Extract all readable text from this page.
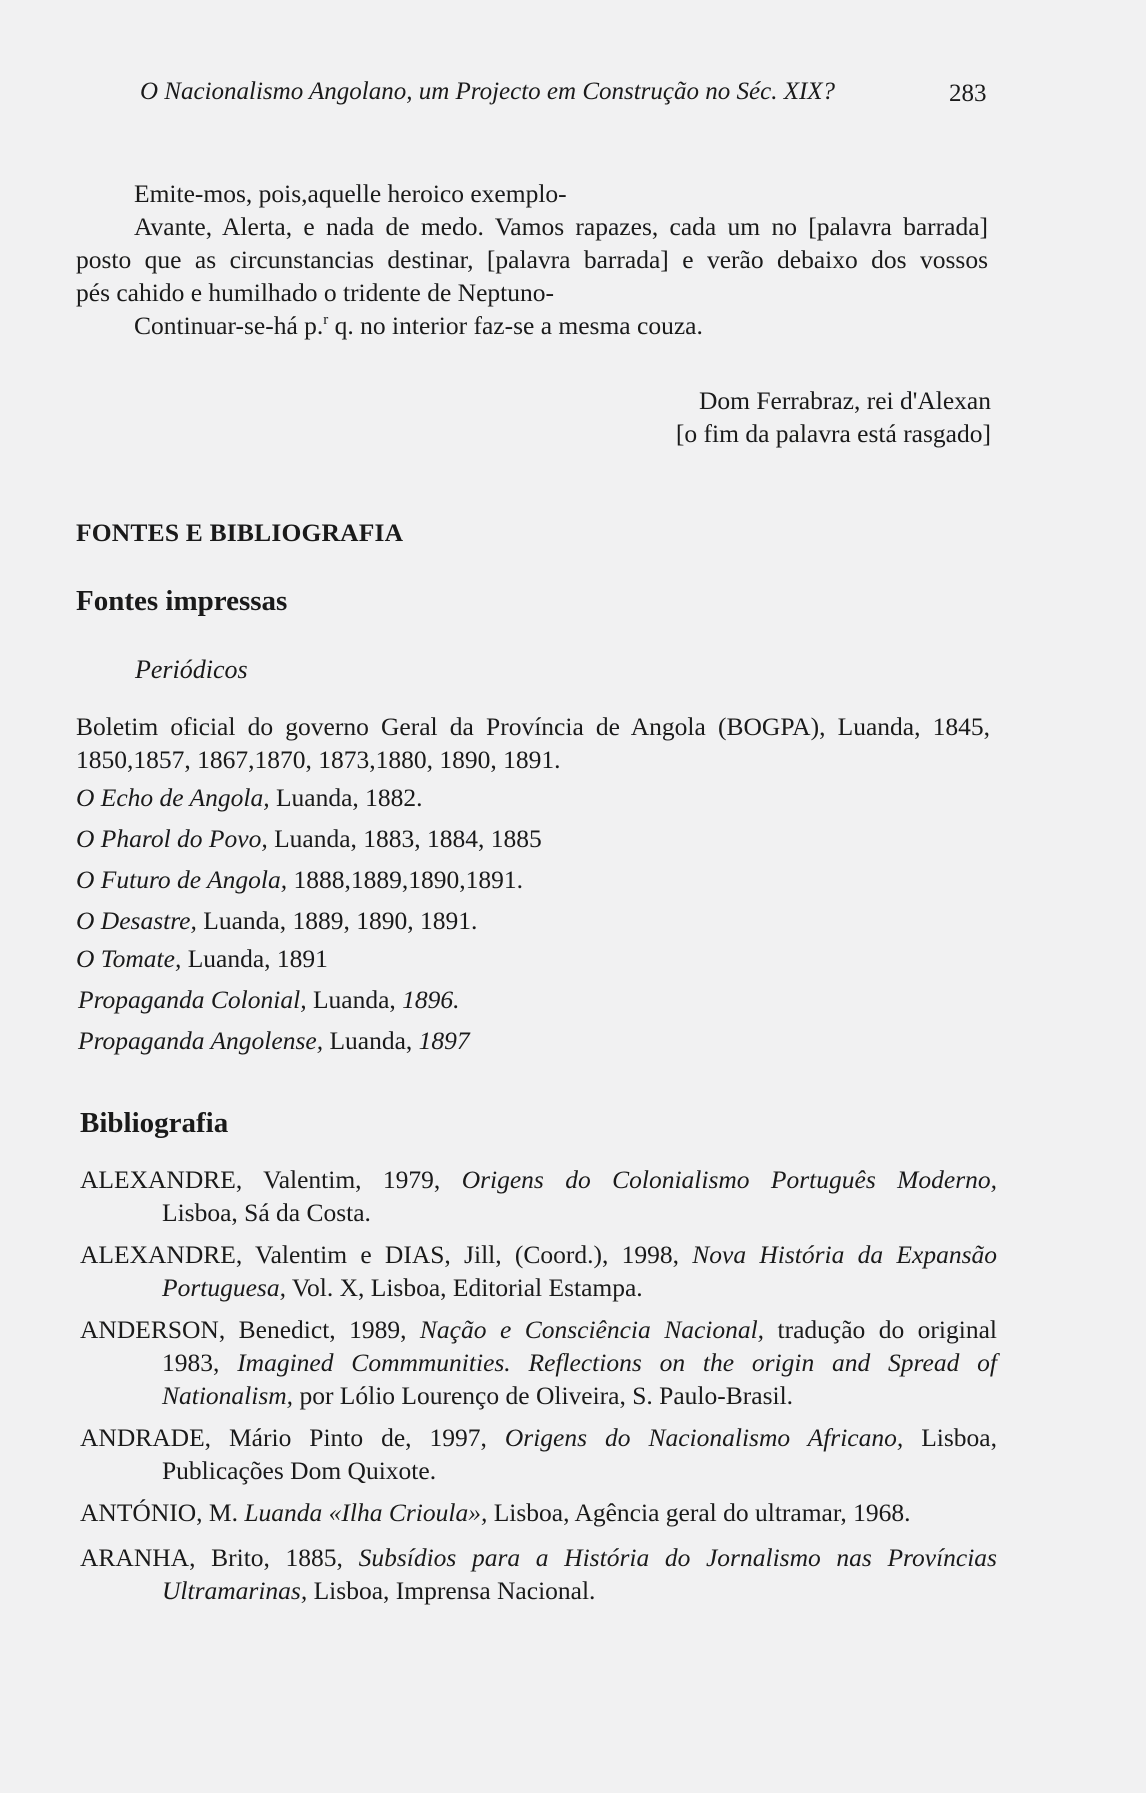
O Nacionalismo Angolano, um Projecto em Construção no Séc. XIX?	283
Emite-mos, pois,aquelle heroico exemplo-
Avante, Alerta, e nada de medo. Vamos rapazes, cada um no [palavra barrada]
posto que as circunstancias destinar, [palavra barrada] e verão debaixo dos vossos
pés cahido e humilhado o tridente de Neptuno-
Continuar-se-há p.$^r$ q. no interior faz-se a mesma couza.
Dom Ferrabraz, rei d'Alexan
[o fim da palavra está rasgado]
FONTES E BIBLIOGRAFIA
Fontes impressas
Periódicos
Boletim oficial do governo Geral da Província de Angola (BOGPA), Luanda, 1845,
1850,1857, 1867,1870, 1873,1880, 1890, 1891.
O Echo de Angola, Luanda, 1882.
O Pharol do Povo, Luanda, 1883, 1884, 1885
O Futuro de Angola, 1888,1889,1890,1891.
O Desastre, Luanda, 1889, 1890, 1891.
O Tomate, Luanda, 1891
Propaganda Colonial, Luanda, 1896.
Propaganda Angolense, Luanda, 1897
Bibliografia
ALEXANDRE, Valentim, 1979, Origens do Colonialismo Português Moderno,
Lisboa, Sá da Costa.
ALEXANDRE, Valentim e DIAS, Jill, (Coord.), 1998, Nova História da Expansão
Portuguesa, Vol. X, Lisboa, Editorial Estampa.
ANDERSON, Benedict, 1989, Nação e Consciência Nacional, tradução do original
1983, Imagined Commmunities. Reflections on the origin and Spread of
Nationalism, por Lólio Lourenço de Oliveira, S. Paulo-Brasil.
ANDRADE, Mário Pinto de, 1997, Origens do Nacionalismo Africano, Lisboa,
Publicações Dom Quixote.
ANTÓNIO, M. Luanda «Ilha Crioula», Lisboa, Agência geral do ultramar, 1968.
ARANHA, Brito, 1885, Subsídios para a História do Jornalismo nas Províncias
Ultramarinas, Lisboa, Imprensa Nacional.
